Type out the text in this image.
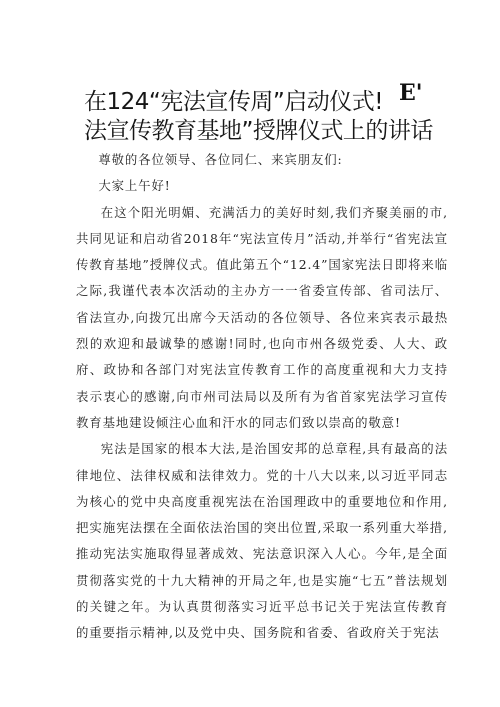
在124“宪法宣传周”启动仪式! E'
法宣传教育基地”授牌仪式上的讲话

尊敬的各位领导、各位同仁、来宾朋友们:

大家上午好!

在这个阳光明媚、充满活力的美好时刻,我们齐聚美丽的市,共同见证和启动省2018年“宪法宣传月”活动,并举行“省宪法宣传教育基地”授牌仪式。值此第五个“12.4”国家宪法日即将来临之际,我谨代表本次活动的主办方一一省委宣传部、省司法厅、省法宣办,向拨冗出席今天活动的各位领导、各位来宾表示最热烈的欢迎和最诚挚的感谢!同时,也向市州各级党委、人大、政府、政协和各部门对宪法宣传教育工作的高度重视和大力支持表示衷心的感谢,向市州司法局以及所有为省首家宪法学习宣传教育基地建设倾注心血和汗水的同志们致以崇高的敬意!

宪法是国家的根本大法,是治国安邦的总章程,具有最高的法律地位、法律权威和法律效力。党的十八大以来,以习近平同志为核心的党中央高度重视宪法在治国理政中的重要地位和作用,把实施宪法摆在全面依法治国的突出位置,采取一系列重大举措,推动宪法实施取得显著成效、宪法意识深入人心。今年,是全面贯彻落实党的十九大精神的开局之年,也是实施“七五”普法规划的关键之年。为认真贯彻落实习近平总书记关于宪法宣传教育的重要指示精神,以及党中央、国务院和省委、省政府关于宪法
